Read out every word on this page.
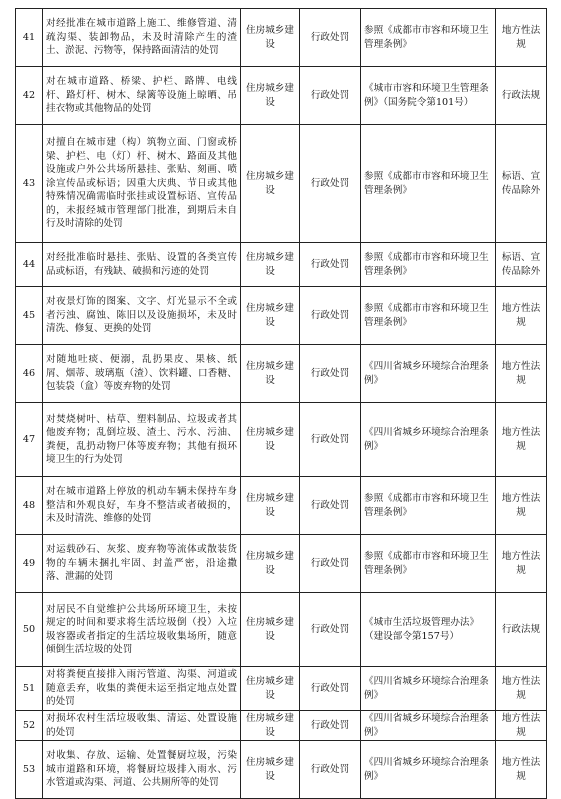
41	对经批准在城市道路上施工、维修管道、清疏沟渠、装卸物品，未及时清除产生的渣土、淤泥、污物等，保持路面清洁的处罚	住房城乡建设	行政处罚	参照《成都市市容和环境卫生管理条例》	地方性法规
42	对在城市道路、桥梁、护栏、路牌、电线杆、路灯杆、树木、绿篱等设施上晾晒、吊挂衣物或其他物品的处罚	住房城乡建设	行政处罚	《城市市容和环境卫生管理条例》（国务院令第101号）	行政法规
43	对擅自在城市建（构）筑物立面、门窗或桥梁、护栏、电（灯）杆、树木、路面及其他设施或户外公共场所悬挂、张贴、刻画、喷涂宣传品或标语；因重大庆典、节日或其他特殊情况确需临时张挂或设置标语、宣传品的，未报经城市管理部门批准，到期后未自行及时清除的处罚	住房城乡建设	行政处罚	参照《成都市市容和环境卫生管理条例》	标语、宣传品除外
44	对经批准临时悬挂、张贴、设置的各类宣传品或标语，有残缺、破损和污迹的处罚	住房城乡建设	行政处罚	参照《成都市市容和环境卫生管理条例》	标语、宣传品除外
45	对夜景灯饰的图案、文字、灯光显示不全或者污浊、腐蚀、陈旧以及设施损坏，未及时清洗、修复、更换的处罚	住房城乡建设	行政处罚	参照《成都市市容和环境卫生管理条例》	地方性法规
46	对随地吐痰、便溺，乱扔果皮、果核、纸屑、烟蒂、玻璃瓶（渣）、饮料罐、口香糖、包装袋（盒）等废弃物的处罚	住房城乡建设	行政处罚	《四川省城乡环境综合治理条例》	地方性法规
47	对焚烧树叶、枯草、塑料制品、垃圾或者其他废弃物；乱倒垃圾、渣土、污水、污油、粪便，乱扔动物尸体等废弃物；其他有损环境卫生的行为处罚	住房城乡建设	行政处罚	《四川省城乡环境综合治理条例》	地方性法规
48	对在城市道路上停放的机动车辆未保持车身整洁和外观良好，车身不整洁或者破损的，未及时清洗、维修的处罚	住房城乡建设	行政处罚	参照《成都市市容和环境卫生管理条例》	地方性法规
49	对运载砂石、灰浆、废弃物等流体或散装货物的车辆未捆扎牢固、封盖严密，沿途撒落、泄漏的处罚	住房城乡建设	行政处罚	参照《成都市市容和环境卫生管理条例》	地方性法规
50	对居民不自觉维护公共场所环境卫生，未按规定的时间和要求将生活垃圾倒（投）入垃圾容器或者指定的生活垃圾收集场所，随意倾倒生活垃圾的处罚	住房城乡建设	行政处罚	《城市生活垃圾管理办法》（建设部令第157号）	行政法规
51	对将粪便直接排入雨污管道、沟渠、河道或随意丢弃，收集的粪便未运至指定地点处置的处罚	住房城乡建设	行政处罚	《四川省城乡环境综合治理条例》	地方性法规
52	对损坏农村生活垃圾收集、清运、处置设施的处罚	住房城乡建设	行政处罚	《四川省城乡环境综合治理条例》	地方性法规
53	对收集、存放、运输、处置餐厨垃圾，污染城市道路和环境，将餐厨垃圾排入雨水、污水管道或沟渠、河道、公共厕所等的处罚	住房城乡建设	行政处罚	《四川省城乡环境综合治理条例》	地方性法规
